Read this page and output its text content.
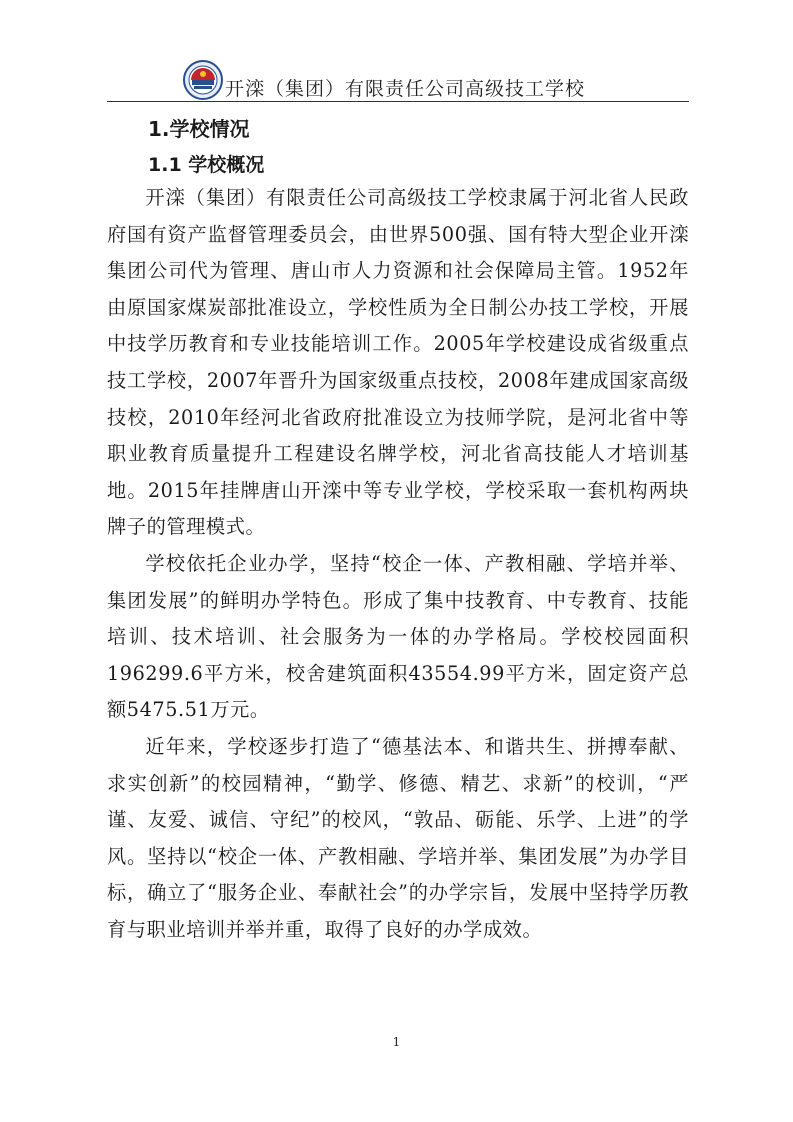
开滦（集团）有限责任公司高级技工学校
1.学校情况
1.1 学校概况

开滦（集团）有限责任公司高级技工学校隶属于河北省人民政府国有资产监督管理委员会，由世界500强、国有特大型企业开滦集团公司代为管理、唐山市人力资源和社会保障局主管。1952年由原国家煤炭部批准设立，学校性质为全日制公办技工学校，开展中技学历教育和专业技能培训工作。2005年学校建设成省级重点技工学校，2007年晋升为国家级重点技校，2008年建成国家高级技校，2010年经河北省政府批准设立为技师学院，是河北省中等职业教育质量提升工程建设名牌学校，河北省高技能人才培训基地。2015年挂牌唐山开滦中等专业学校，学校采取一套机构两块牌子的管理模式。

学校依托企业办学，坚持“校企一体、产教相融、学培并举、集团发展”的鲜明办学特色。形成了集中技教育、中专教育、技能培训、技术培训、社会服务为一体的办学格局。学校校园面积196299.6平方米，校舍建筑面积43554.99平方米，固定资产总额5475.51万元。

近年来，学校逐步打造了“德基法本、和谐共生、拼搏奉献、求实创新”的校园精神，“勤学、修德、精艺、求新”的校训，“严谨、友爱、诚信、守纪”的校风，“敦品、砺能、乐学、上进”的学风。坚持以“校企一体、产教相融、学培并举、集团发展”为办学目标，确立了“服务企业、奉献社会”的办学宗旨，发展中坚持学历教育与职业培训并举并重，取得了良好的办学成效。

1
